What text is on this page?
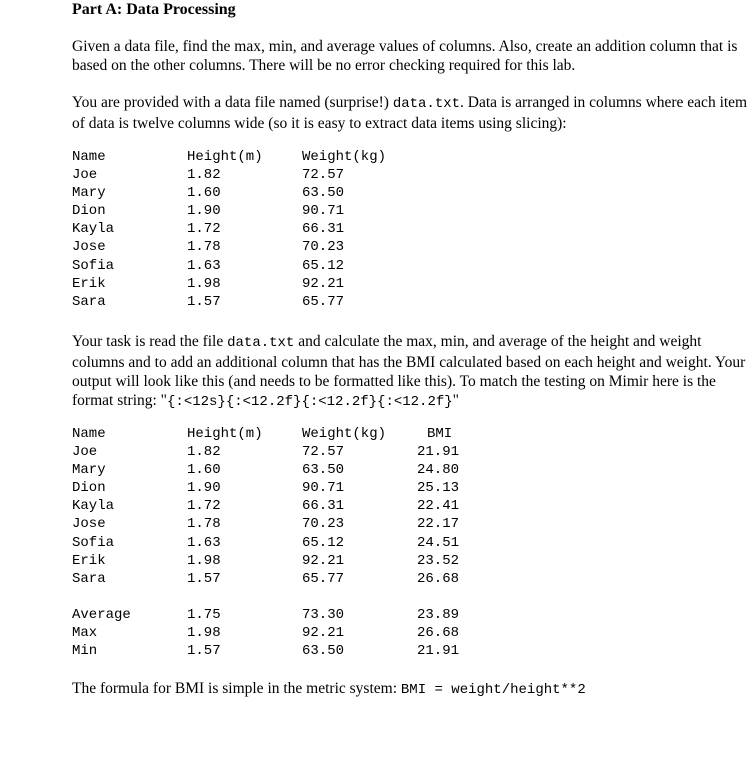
Part A: Data Processing
Given a data file, find the max, min, and average values of columns. Also, create an addition column that is based on the other columns. There will be no error checking required for this lab.
You are provided with a data file named (surprise!) data.txt. Data is arranged in columns where each item of data is twelve columns wide (so it is easy to extract data items using slicing):
Name	Height(m)	Weight(kg)
Joe	1.82	72.57
Mary	1.60	63.50
Dion	1.90	90.71
Kayla	1.72	66.31
Jose	1.78	70.23
Sofia	1.63	65.12
Erik	1.98	92.21
Sara	1.57	65.77
Your task is read the file data.txt and calculate the max, min, and average of the height and weight columns and to add an additional column that has the BMI calculated based on each height and weight. Your output will look like this (and needs to be formatted like this). To match the testing on Mimir here is the format string: "{:<12s}{:<12.2f}{:<12.2f}{:<12.2f}"
Name	Height(m)	Weight(kg)	BMI
Joe	1.82	72.57	21.91
Mary	1.60	63.50	24.80
Dion	1.90	90.71	25.13
Kayla	1.72	66.31	22.41
Jose	1.78	70.23	22.17
Sofia	1.63	65.12	24.51
Erik	1.98	92.21	23.52
Sara	1.57	65.77	26.68
Average	1.75	73.30	23.89
Max	1.98	92.21	26.68
Min	1.57	63.50	21.91
The formula for BMI is simple in the metric system: BMI = weight/height**2
